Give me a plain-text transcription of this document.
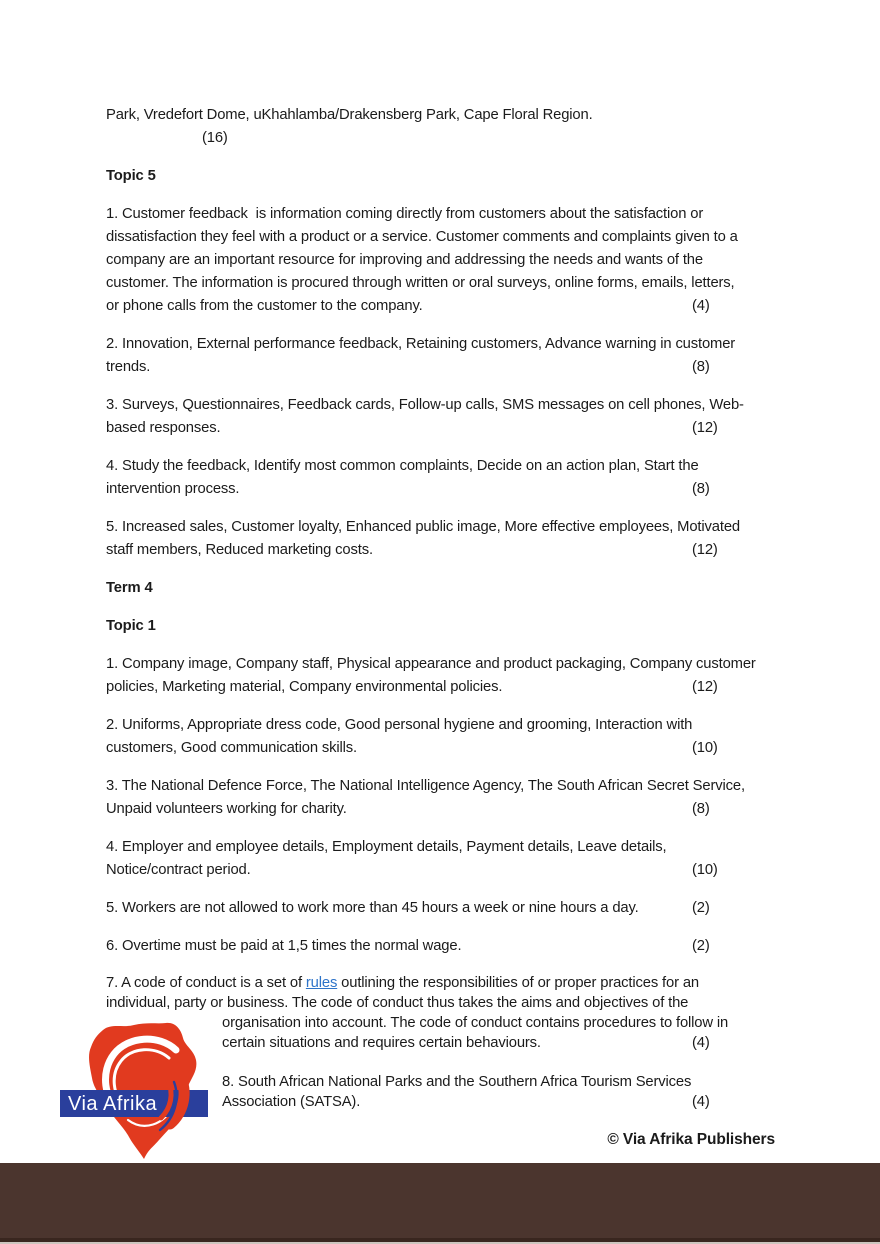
Park, Vredefort Dome, uKhahlamba/Drakensberg Park, Cape Floral Region.
(16)
Topic 5
1. Customer feedback  is information coming directly from customers about the satisfaction or
dissatisfaction they feel with a product or a service. Customer comments and complaints given to a
company are an important resource for improving and addressing the needs and wants of the
customer. The information is procured through written or oral surveys, online forms, emails, letters,
or phone calls from the customer to the company.	(4)
2. Innovation, External performance feedback, Retaining customers, Advance warning in customer
trends.	(8)
3. Surveys, Questionnaires, Feedback cards, Follow-up calls, SMS messages on cell phones, Web-
based responses.	(12)
4. Study the feedback, Identify most common complaints, Decide on an action plan, Start the
intervention process.	(8)
5. Increased sales, Customer loyalty, Enhanced public image, More effective employees, Motivated
staff members, Reduced marketing costs.	(12)
Term 4
Topic 1
1. Company image, Company staff, Physical appearance and product packaging, Company customer
policies, Marketing material, Company environmental policies.	(12)
2. Uniforms, Appropriate dress code, Good personal hygiene and grooming, Interaction with
customers, Good communication skills.	(10)
3. The National Defence Force, The National Intelligence Agency, The South African Secret Service,
Unpaid volunteers working for charity.	(8)
4. Employer and employee details, Employment details, Payment details, Leave details,
Notice/contract period.	(10)
5. Workers are not allowed to work more than 45 hours a week or nine hours a day.	(2)
6. Overtime must be paid at 1,5 times the normal wage.	(2)
7. A code of conduct is a set of rules outlining the responsibilities of or proper practices for an
individual, party or business. The code of conduct thus takes the aims and objectives of the
organisation into account. The code of conduct contains procedures to follow in
certain situations and requires certain behaviours.	(4)
8. South African National Parks and the Southern Africa Tourism Services
Association (SATSA).	(4)
Via Afrika
© Via Afrika Publishers
